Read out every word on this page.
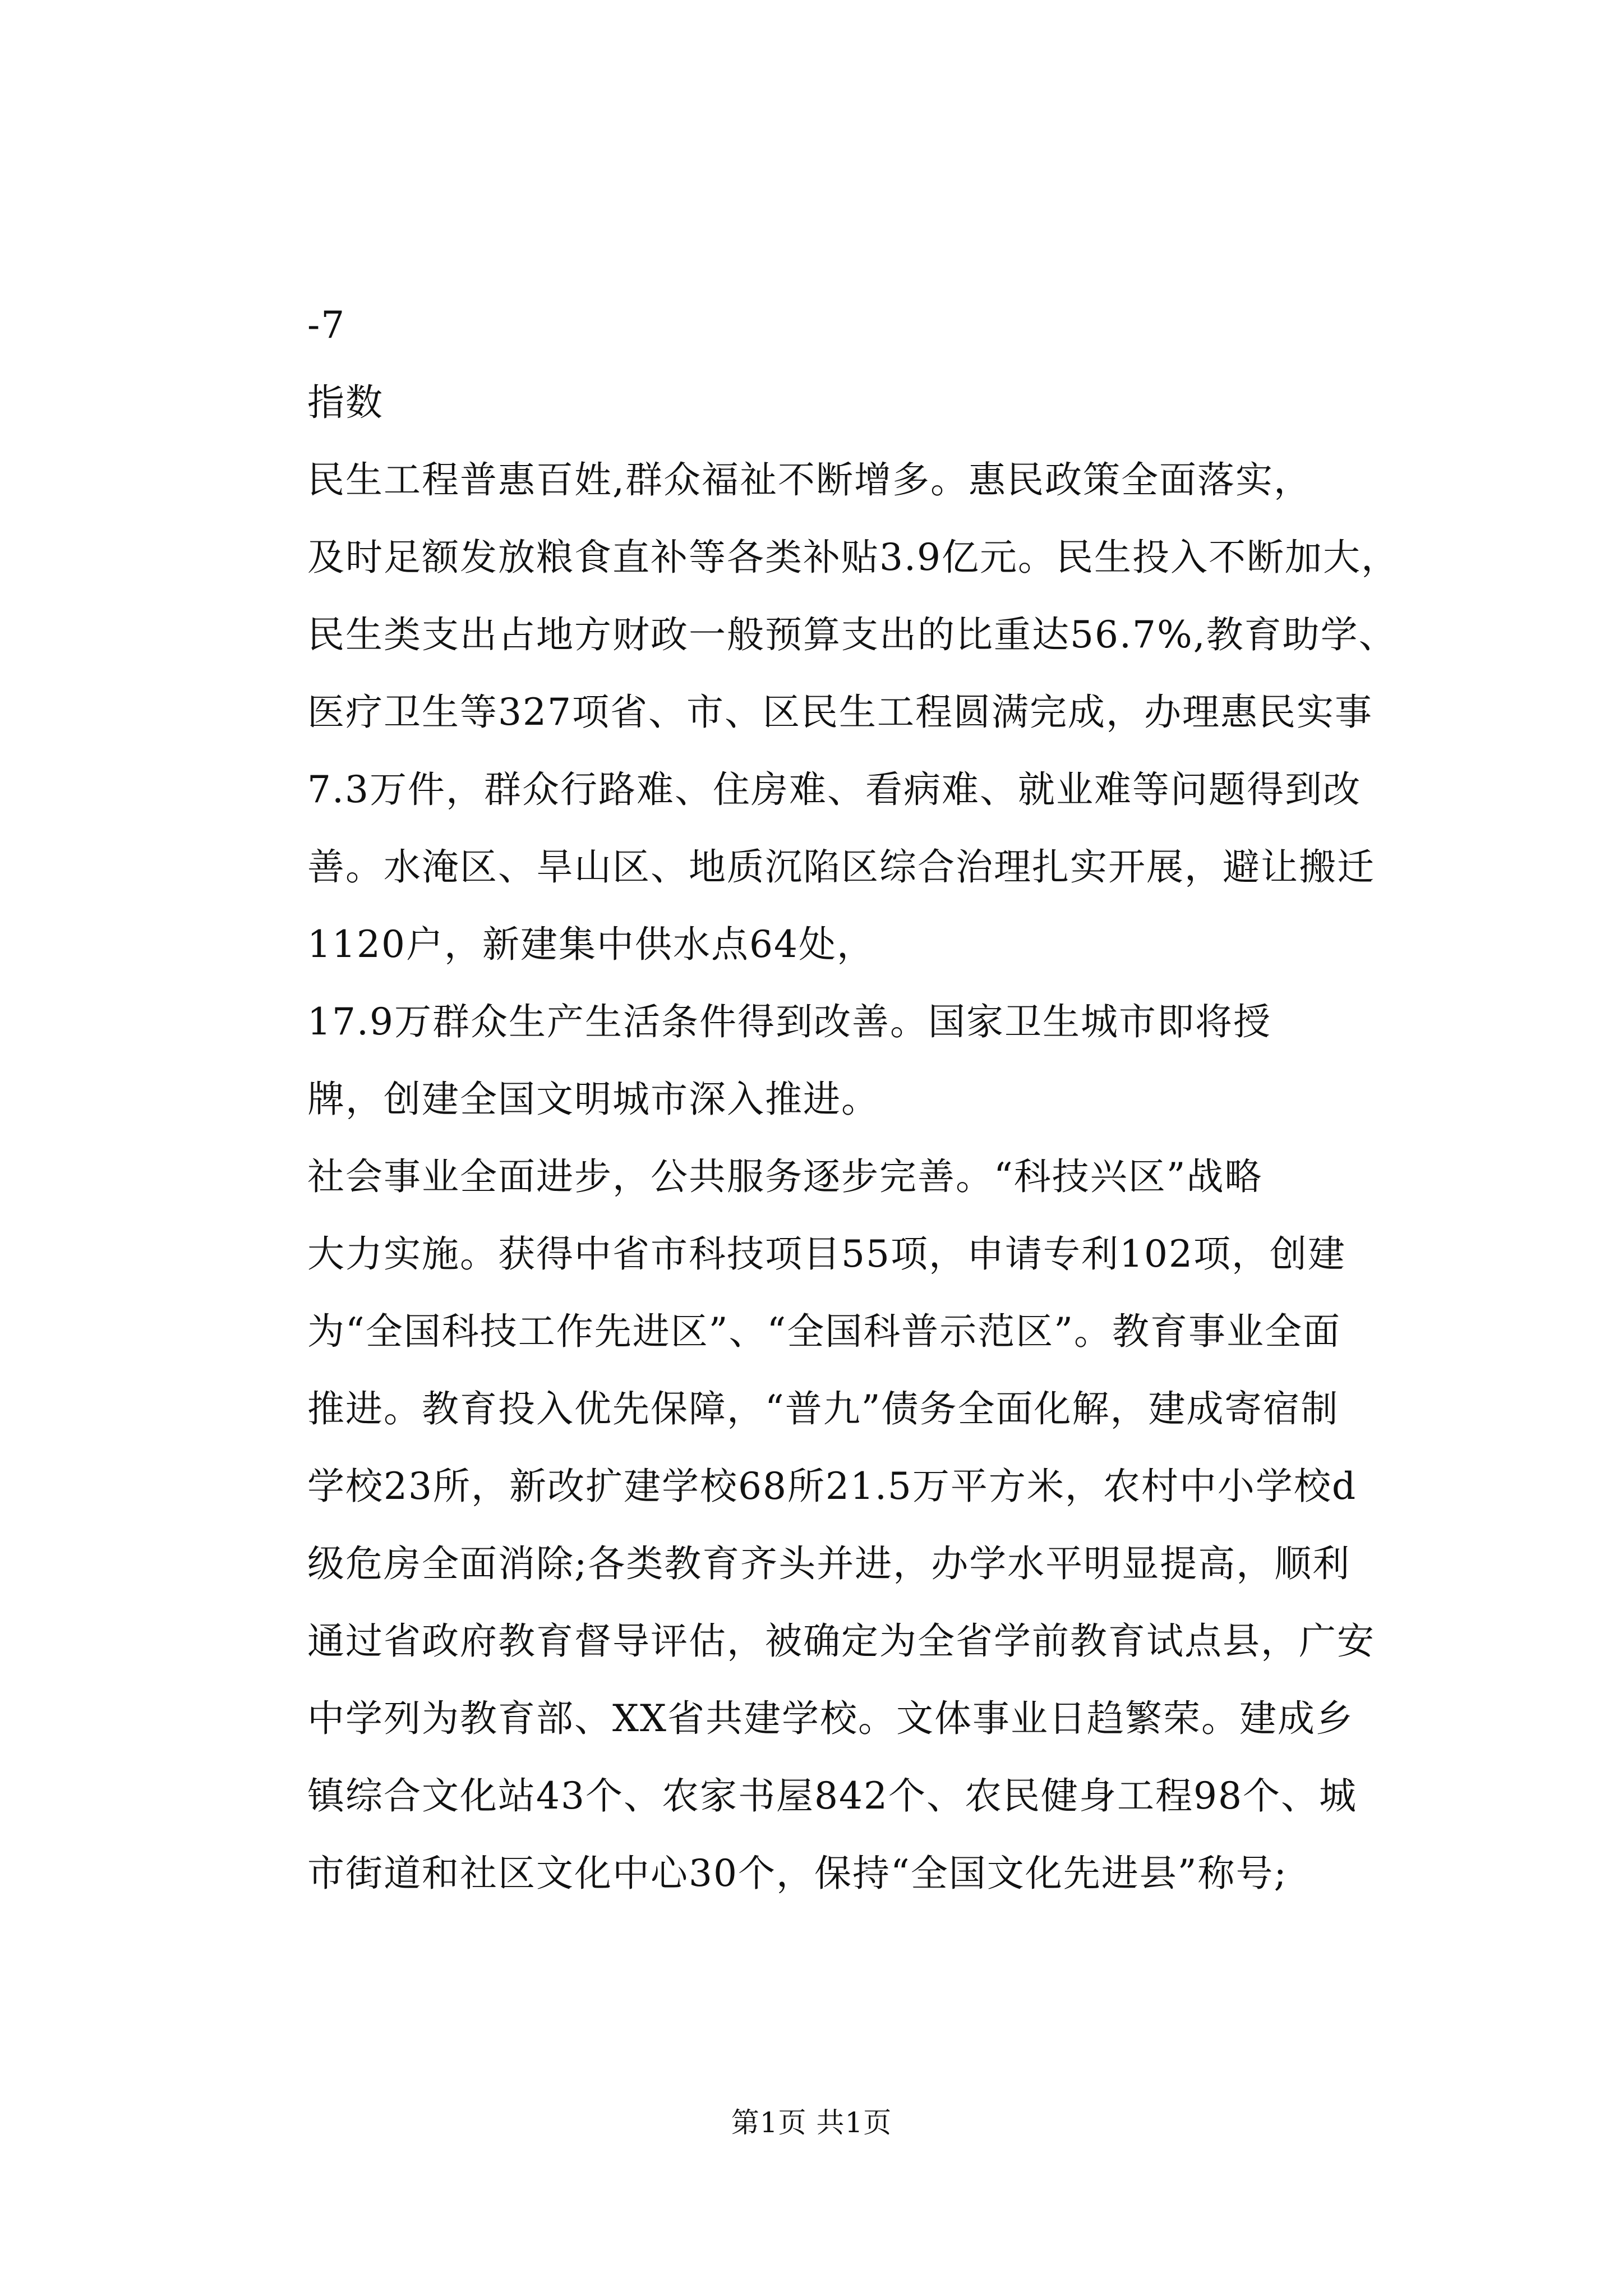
-7
指数
民生工程普惠百姓,群众福祉不断增多。惠民政策全面落实，
及时足额发放粮食直补等各类补贴3.9亿元。民生投入不断加大，
民生类支出占地方财政一般预算支出的比重达56.7%,教育助学、
医疗卫生等327项省、市、区民生工程圆满完成，办理惠民实事
7.3万件，群众行路难、住房难、看病难、就业难等问题得到改
善。水淹区、旱山区、地质沉陷区综合治理扎实开展，避让搬迁
1120户，新建集中供水点64处，
17.9万群众生产生活条件得到改善。国家卫生城市即将授
牌，创建全国文明城市深入推进。
社会事业全面进步，公共服务逐步完善。“科技兴区”战略
大力实施。获得中省市科技项目55项，申请专利102项，创建
为“全国科技工作先进区”、“全国科普示范区”。教育事业全面
推进。教育投入优先保障，“普九”债务全面化解，建成寄宿制
学校23所，新改扩建学校68所21.5万平方米，农村中小学校d
级危房全面消除;各类教育齐头并进，办学水平明显提高，顺利
通过省政府教育督导评估，被确定为全省学前教育试点县，广安
中学列为教育部、XX省共建学校。文体事业日趋繁荣。建成乡
镇综合文化站43个、农家书屋842个、农民健身工程98个、城
市街道和社区文化中心30个，保持“全国文化先进县”称号;
第1页 共1页
